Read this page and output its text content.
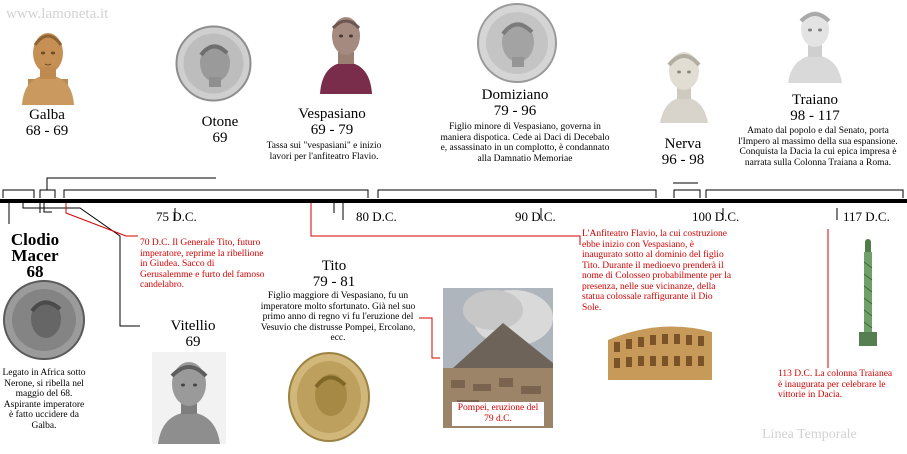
www.lamoneta.it
Linea Temporale
75 D.C.	80 D.C.	90 D.C.	100 D.C.	117 D.C.
Galba
68 - 69
Otone
69
Vespasiano
69 - 79
Tassa sui "vespasiani" e inizio lavori per l'anfiteatro Flavio.
Domiziano
79 - 96
Figlio minore di Vespasiano, governa in maniera dispotica. Cede ai Daci di Decebalo e, assassinato in un complotto, è condannato alla Damnatio Memoriae
Nerva
96 - 98
Traiano
98 - 117
Amato dal popolo e dal Senato, porta l'Impero al massimo della sua espansione. Conquista la Dacia la cui epica impresa è narrata sulla Colonna Traiana a Roma.
Clodio
Macer
68
Legato in Africa sotto Nerone, si ribella nel maggio del 68. Aspirante imperatore è fatto uccidere da Galba.
70 D.C. Il Generale Tito, futuro imperatore, reprime la ribellione in Giudea. Sacco di Gerusalemme e furto del famoso candelabro.
Vitellio
69
Tito
79 - 81
Figlio maggiore di Vespasiano, fu un imperatore molto sfortunato. Già nel suo primo anno di regno vi fu l'eruzione del Vesuvio che distrusse Pompei, Ercolano, ecc.
Pompei, eruzione del 79 d.C.
L'Anfiteatro Flavio, la cui costruzione ebbe inizio con Vespasiano, è inaugurato sotto al dominio del figlio Tito. Durante il medioevo prenderà il nome di Colosseo probabilmente per la presenza, nelle sue vicinanze, della statua colossale raffigurante il Dio Sole.
113 D.C. La colonna Traianea è inaugurata per celebrare le vittorie in Dacia.
